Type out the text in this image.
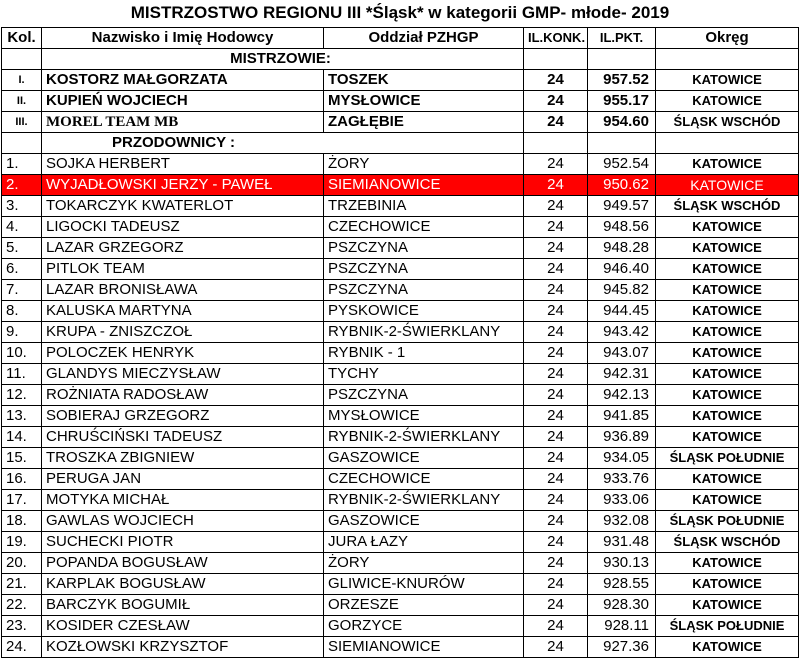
MISTRZOSTWO REGIONU III *Śląsk* w kategorii GMP- młode- 2019
Kol.	Nazwisko i Imię Hodowcy	Oddział PZHGP	IL.KONK.	IL.PKT.	Okręg
	MISTRZOWIE:				
I.	KOSTORZ MAŁGORZATA	TOSZEK	24	957.52	KATOWICE
II.	KUPIEŃ WOJCIECH	MYSŁOWICE	24	955.17	KATOWICE
III.	MOREL TEAM MB	ZAGŁĘBIE	24	954.60	ŚLĄSK WSCHÓD
	PRZODOWNICY :				
1.	SOJKA HERBERT	ŻORY	24	952.54	KATOWICE
2.	WYJADŁOWSKI JERZY - PAWEŁ	SIEMIANOWICE	24	950.62	KATOWICE
3.	TOKARCZYK KWATERLOT	TRZEBINIA	24	949.57	ŚLĄSK WSCHÓD
4.	LIGOCKI TADEUSZ	CZECHOWICE	24	948.56	KATOWICE
5.	LAZAR GRZEGORZ	PSZCZYNA	24	948.28	KATOWICE
6.	PITLOK TEAM	PSZCZYNA	24	946.40	KATOWICE
7.	LAZAR BRONISŁAWA	PSZCZYNA	24	945.82	KATOWICE
8.	KALUSKA MARTYNA	PYSKOWICE	24	944.45	KATOWICE
9.	KRUPA - ZNISZCZOŁ	RYBNIK-2-ŚWIERKLANY	24	943.42	KATOWICE
10.	POLOCZEK HENRYK	RYBNIK - 1	24	943.07	KATOWICE
11.	GLANDYS MIECZYSŁAW	TYCHY	24	942.31	KATOWICE
12.	ROŻNIATA RADOSŁAW	PSZCZYNA	24	942.13	KATOWICE
13.	SOBIERAJ GRZEGORZ	MYSŁOWICE	24	941.85	KATOWICE
14.	CHRUŚCIŃSKI TADEUSZ	RYBNIK-2-ŚWIERKLANY	24	936.89	KATOWICE
15.	TROSZKA ZBIGNIEW	GASZOWICE	24	934.05	ŚLĄSK POŁUDNIE
16.	PERUGA JAN	CZECHOWICE	24	933.76	KATOWICE
17.	MOTYKA MICHAŁ	RYBNIK-2-ŚWIERKLANY	24	933.06	KATOWICE
18.	GAWLAS WOJCIECH	GASZOWICE	24	932.08	ŚLĄSK POŁUDNIE
19.	SUCHECKI PIOTR	JURA ŁAZY	24	931.48	ŚLĄSK WSCHÓD
20.	POPANDA BOGUSŁAW	ŻORY	24	930.13	KATOWICE
21.	KARPLAK BOGUSŁAW	GLIWICE-KNURÓW	24	928.55	KATOWICE
22.	BARCZYK BOGUMIŁ	ORZESZE	24	928.30	KATOWICE
23.	KOSIDER CZESŁAW	GORZYCE	24	928.11	ŚLĄSK POŁUDNIE
24.	KOZŁOWSKI KRZYSZTOF	SIEMIANOWICE	24	927.36	KATOWICE
